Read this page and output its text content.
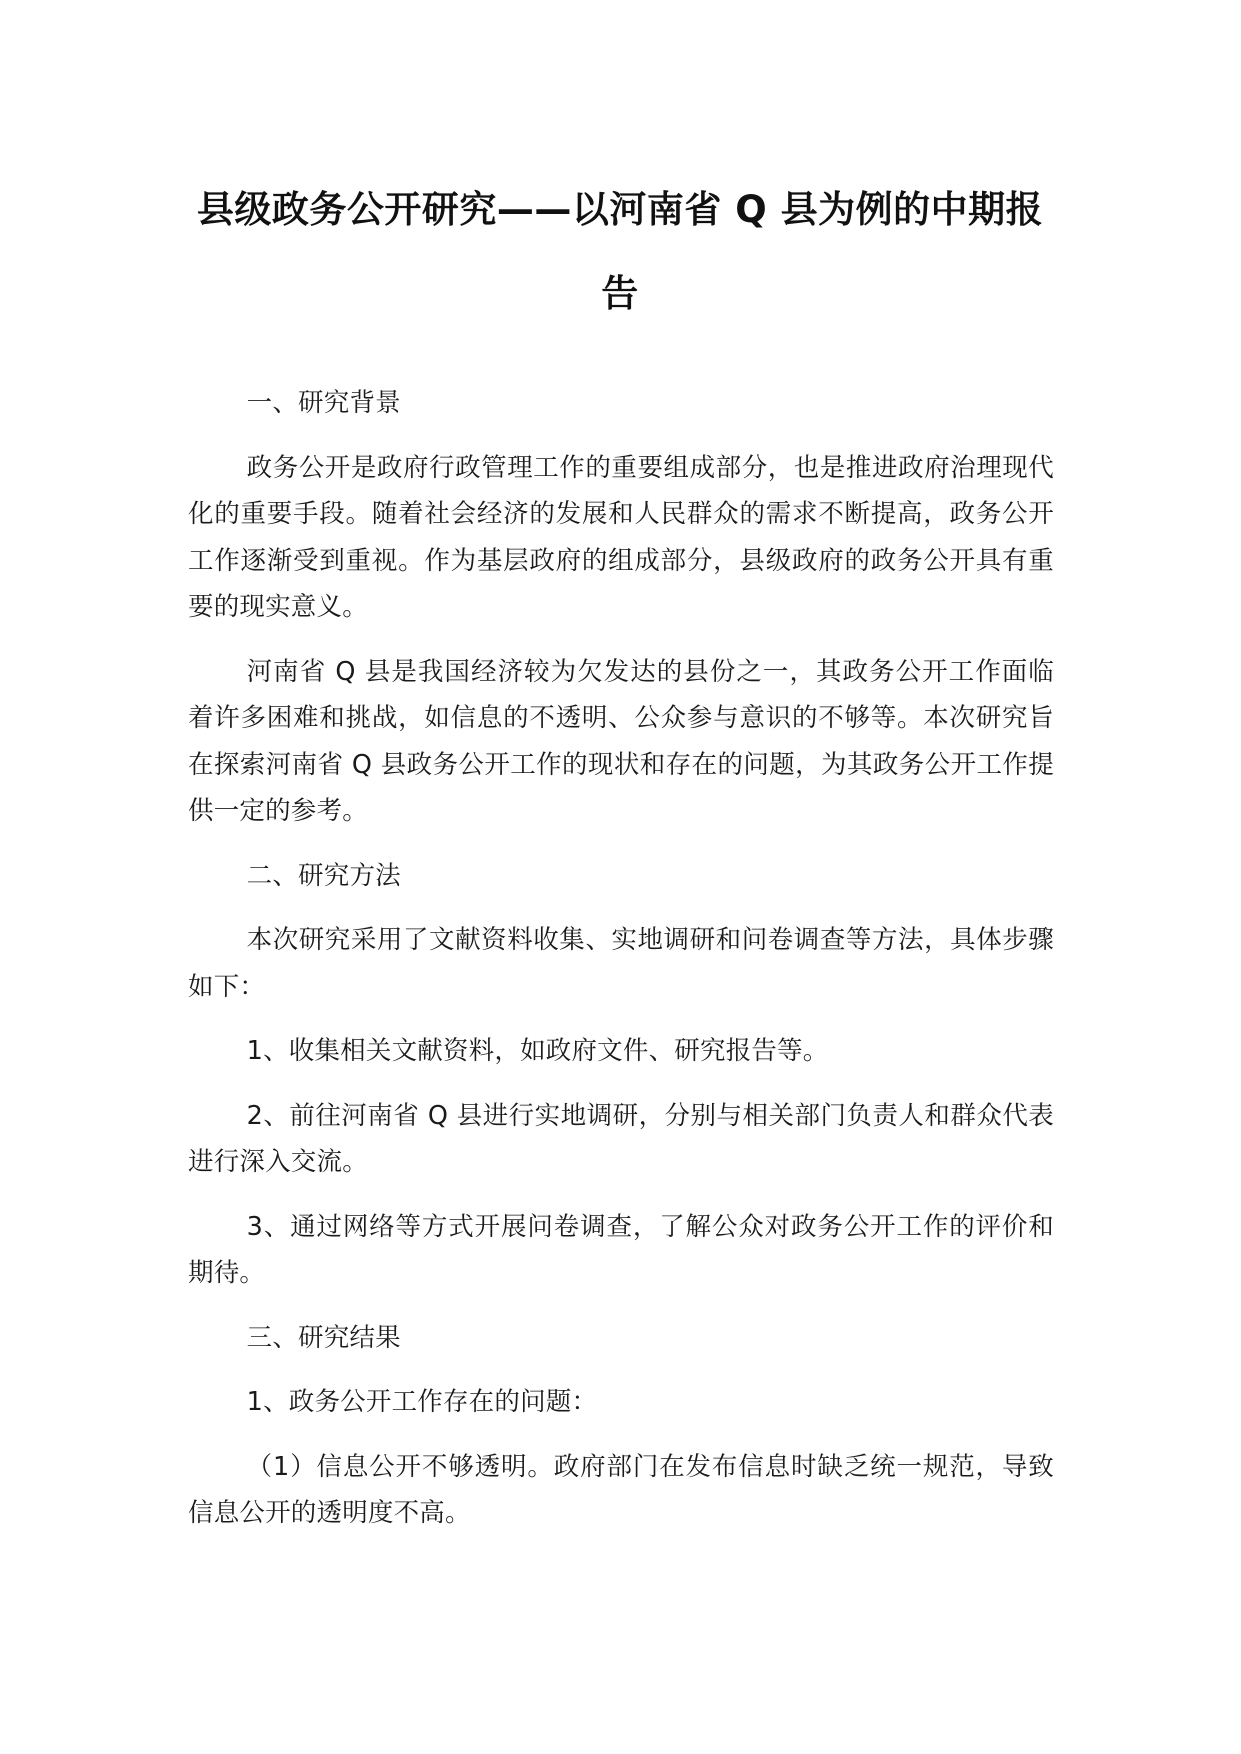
县级政务公开研究——以河南省 Q 县为例的中期报告

一、研究背景

政务公开是政府行政管理工作的重要组成部分，也是推进政府治理现代化的重要手段。随着社会经济的发展和人民群众的需求不断提高，政务公开工作逐渐受到重视。作为基层政府的组成部分，县级政府的政务公开具有重要的现实意义。

河南省 Q 县是我国经济较为欠发达的县份之一，其政务公开工作面临着许多困难和挑战，如信息的不透明、公众参与意识的不够等。本次研究旨在探索河南省 Q 县政务公开工作的现状和存在的问题，为其政务公开工作提供一定的参考。

二、研究方法

本次研究采用了文献资料收集、实地调研和问卷调查等方法，具体步骤如下：

1、收集相关文献资料，如政府文件、研究报告等。

2、前往河南省 Q 县进行实地调研，分别与相关部门负责人和群众代表进行深入交流。

3、通过网络等方式开展问卷调查，了解公众对政务公开工作的评价和期待。

三、研究结果

1、政务公开工作存在的问题：

（1）信息公开不够透明。政府部门在发布信息时缺乏统一规范，导致信息公开的透明度不高。
